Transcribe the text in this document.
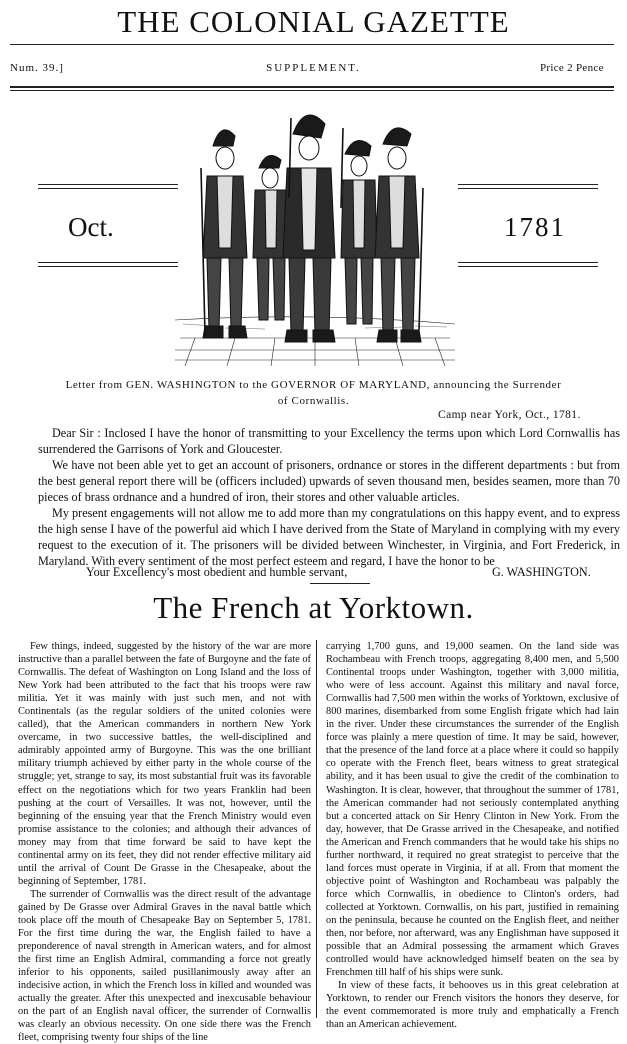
THE COLONIAL GAZETTE
Num. 39.]	SUPPLEMENT.	Price 2 Pence
Oct.	1781
Letter from GEN. WASHINGTON to the GOVERNOR OF MARYLAND, announcing the Surrender
of Cornwallis.
Camp near York, Oct., 1781.

Dear Sir : Inclosed I have the honor of transmitting to your Excellency the terms upon which Lord Cornwallis has surrendered the Garrisons of York and Gloucester.

We have not been able yet to get an account of prisoners, ordnance or stores in the different departments : but from the best general report there will be (officers included) upwards of seven thousand men, besides seamen, more than 70 pieces of brass ordnance and a hundred of iron, their stores and other valuable articles.

My present engagements will not allow me to add more than my congratulations on this happy event, and to express the high sense I have of the powerful aid which I have derived from the State of Maryland in complying with my every request to the execution of it. The prisoners will be divided between Winchester, in Virginia, and Fort Frederick, in Maryland. With every sentiment of the most perfect esteem and regard, I have the honor to be

Your Excellency's most obedient and humble servant,	G. WASHINGTON.
The French at Yorktown.

Few things, indeed, suggested by the history of the war are more instructive than a parallel between the fate of Burgoyne and the fate of Cornwallis. The defeat of Washington on Long Island and the loss of New York had been attributed to the fact that his troops were raw militia. Yet it was mainly with just such men, and not with Continentals (as the regular soldiers of the united colonies were called), that the American commanders in northern New York overcame, in two successive battles, the well-disciplined and admirably appointed army of Burgoyne. This was the one brilliant military triumph achieved by either party in the whole course of the struggle; yet, strange to say, its most substantial fruit was its favorable effect on the negotiations which for two years Franklin had been pushing at the court of Versailles. It was not, however, until the beginning of the ensuing year that the French Ministry would even promise assistance to the colonies; and although their advances of money may from that time forward be said to have kept the continental army on its feet, they did not render effective military aid until the arrival of Count De Grasse in the Chesapeake, about the beginning of September, 1781.

The surrender of Cornwallis was the direct result of the advantage gained by De Grasse over Admiral Graves in the naval battle which took place off the mouth of Chesapeake Bay on September 5, 1781. For the first time during the war, the English failed to have a preponderence of naval strength in American waters, and for almost the first time an English Admiral, commanding a force not greatly inferior to his opponents, sailed pusillanimously away after an indecisive action, in which the French loss in killed and wounded was actually the greater. After this unexpected and inexcusable behaviour on the part of an English naval officer, the surrender of Cornwallis was clearly an obvious necessity. On one side there was the French fleet, comprising twenty four ships of the line

carrying 1,700 guns, and 19,000 seamen. On the land side was Rochambeau with French troops, aggregating 8,400 men, and 5,500 Continental troops under Washington, together with 3,000 militia, who were of less account. Against this military and naval force, Cornwallis had 7,500 men within the works of Yorktown, exclusive of 800 marines, disembarked from some English frigate which had lain in the river. Under these circumstances the surrender of the English force was plainly a mere question of time. It may be said, however, that the presence of the land force at a place where it could so happily co operate with the French fleet, bears witness to great strategical ability, and it has been usual to give the credit of the combination to Washington. It is clear, however, that throughout the summer of 1781, the American commander had not seriously contemplated anything but a concerted attack on Sir Henry Clinton in New York. From the day, however, that De Grasse arrived in the Chesapeake, and notified the American and French commanders that he would take his ships no further northward, it required no great strategist to perceive that the land forces must operate in Virginia, if at all. From that moment the objective point of Washington and Rochambeau was palpably the force which Cornwallis, in obedience to Clinton's orders, had collected at Yorktown. Cornwallis, on his part, justified in remaining on the peninsula, because he counted on the English fleet, and neither then, nor before, nor afterward, was any Englishman have supposed it possible that an Admiral possessing the armament which Graves controlled would have acknowledged himself beaten on the sea by Frenchmen till half of his ships were sunk.

In view of these facts, it behooves us in this great celebration at Yorktown, to render our French visitors the honors they deserve, for the event commemorated is more truly and emphatically a French than an American achievement.
